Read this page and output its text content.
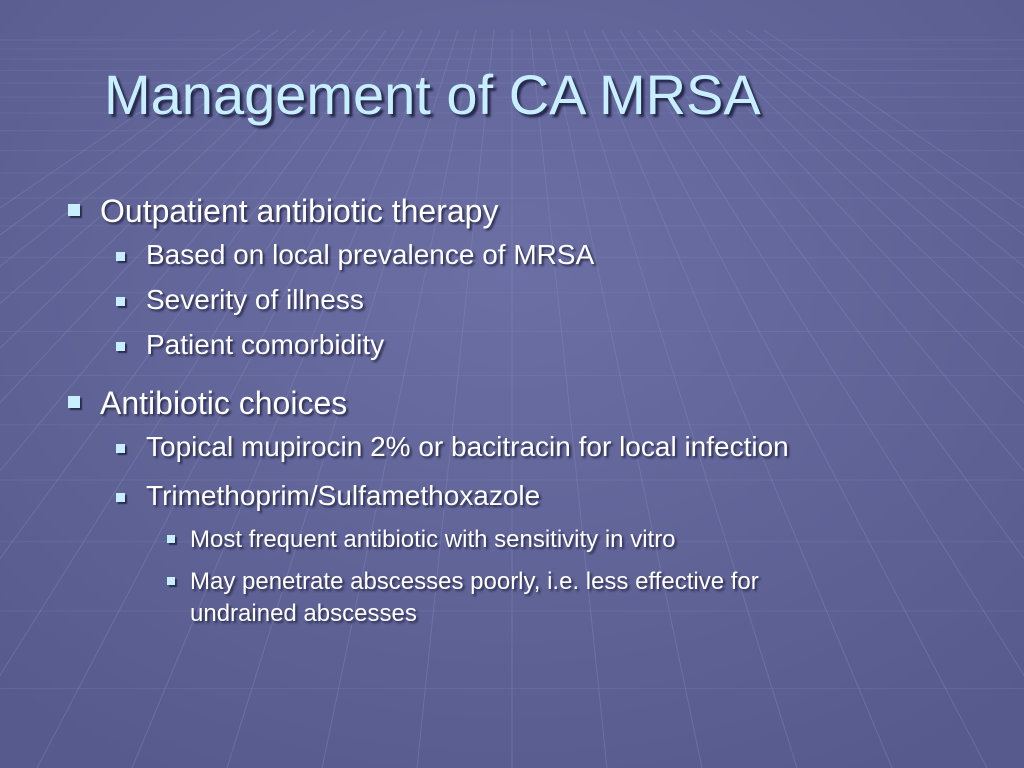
Management of CA MRSA
Outpatient antibiotic therapy
Based on local prevalence of MRSA
Severity of illness
Patient comorbidity
Antibiotic choices
Topical mupirocin 2% or bacitracin for local infection
Trimethoprim/Sulfamethoxazole
Most frequent antibiotic with sensitivity in vitro
May penetrate abscesses poorly, i.e. less effective for undrained abscesses
